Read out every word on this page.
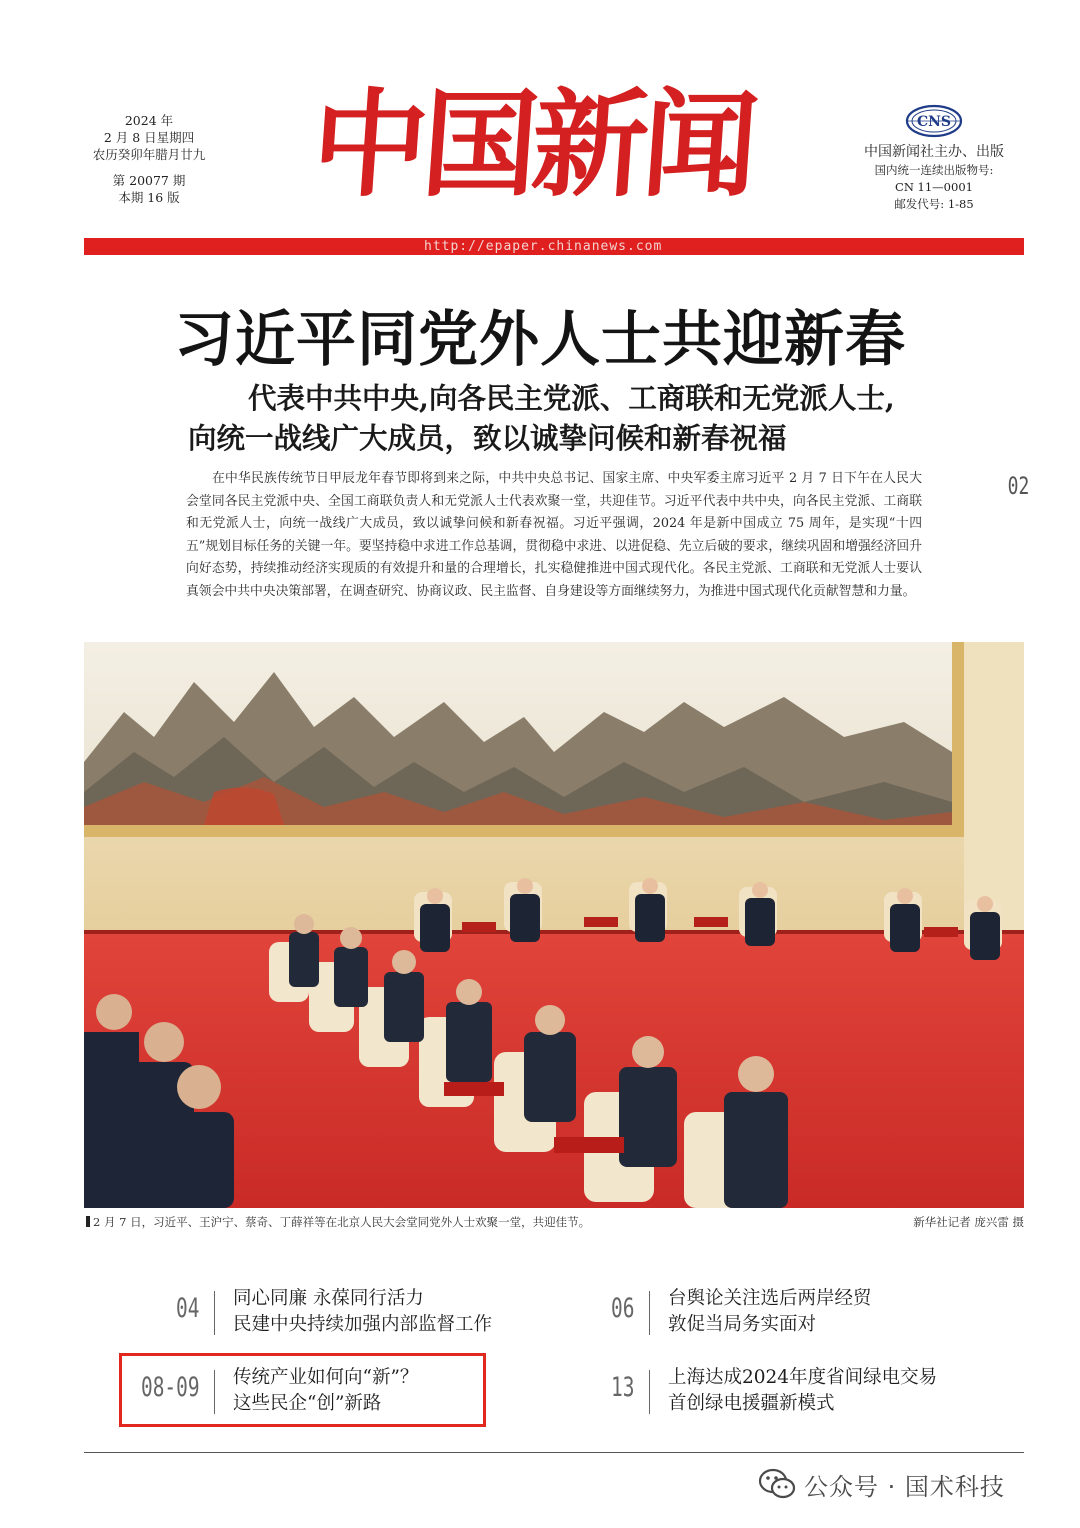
2024 年
2 月 8 日星期四
农历癸卯年腊月廿九
第 20077 期
本期 16 版 中国新闻	CNS
中国新闻社主办、出版
国内统一连续出版物号:
CN 11—0001
邮发代号: 1-85
http://epaper.chinanews.com
习近平同党外人士共迎新春
代表中共中央,向各民主党派、工商联和无党派人士,
向统一战线广大成员，致以诚挚问候和新春祝福

在中华民族传统节日甲辰龙年春节即将到来之际，中共中央总书记、国家主席、中央军委主席习近平 2 月 7 日下午在人民大会堂同各民主党派中央、全国工商联负责人和无党派人士代表欢聚一堂，共迎佳节。习近平代表中共中央，向各民主党派、工商联和无党派人士，向统一战线广大成员，致以诚挚问候和新春祝福。习近平强调，2024 年是新中国成立 75 周年，是实现“十四五”规划目标任务的关键一年。要坚持稳中求进工作总基调，贯彻稳中求进、以进促稳、先立后破的要求，继续巩固和增强经济回升向好态势，持续推动经济实现质的有效提升和量的合理增长，扎实稳健推进中国式现代化。各民主党派、工商联和无党派人士要认真领会中共中央决策部署，在调查研究、协商议政、民主监督、自身建设等方面继续努力，为推进中国式现代化贡献智慧和力量。

02
2 月 7 日，习近平、王沪宁、蔡奇、丁薛祥等在北京人民大会堂同党外人士欢聚一堂，共迎佳节。	新华社记者 庞兴雷 摄
04 同心同廉 永葆同行活力
民建中央持续加强内部监督工作
06 台舆论关注选后两岸经贸
敦促当局务实面对
08-09 传统产业如何向“新”？
这些民企“创”新路
13 上海达成2024年度省间绿电交易
首创绿电援疆新模式
公众号 · 国术科技
